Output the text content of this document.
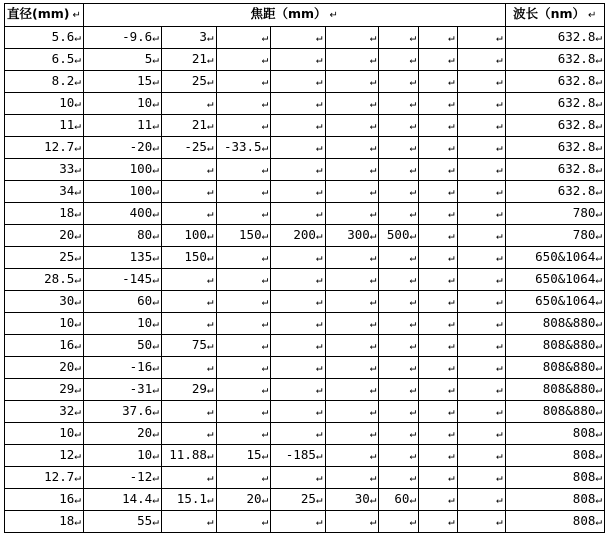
直径(mm) ↵	焦距（mm） ↵								波长（nm） ↵
5.6↵	-9.6↵	3↵	↵	↵	↵	↵	↵	↵	632.8↵
6.5↵	5↵	21↵	↵	↵	↵	↵	↵	↵	632.8↵
8.2↵	15↵	25↵	↵	↵	↵	↵	↵	↵	632.8↵
10↵	10↵	↵	↵	↵	↵	↵	↵	↵	632.8↵
11↵	11↵	21↵	↵	↵	↵	↵	↵	↵	632.8↵
12.7↵	-20↵	-25↵	-33.5↵	↵	↵	↵	↵	↵	632.8↵
33↵	100↵	↵	↵	↵	↵	↵	↵	↵	632.8↵
34↵	100↵	↵	↵	↵	↵	↵	↵	↵	632.8↵
18↵	400↵	↵	↵	↵	↵	↵	↵	↵	780↵
20↵	80↵	100↵	150↵	200↵	300↵	500↵	↵	↵	780↵
25↵	135↵	150↵	↵	↵	↵	↵	↵	↵	650&1064↵
28.5↵	-145↵	↵	↵	↵	↵	↵	↵	↵	650&1064↵
30↵	60↵	↵	↵	↵	↵	↵	↵	↵	650&1064↵
10↵	10↵	↵	↵	↵	↵	↵	↵	↵	808&880↵
16↵	50↵	75↵	↵	↵	↵	↵	↵	↵	808&880↵
20↵	-16↵	↵	↵	↵	↵	↵	↵	↵	808&880↵
29↵	-31↵	29↵	↵	↵	↵	↵	↵	↵	808&880↵
32↵	37.6↵	↵	↵	↵	↵	↵	↵	↵	808&880↵
10↵	20↵	↵	↵	↵	↵	↵	↵	↵	808↵
12↵	10↵	11.88↵	15↵	-185↵	↵	↵	↵	↵	808↵
12.7↵	-12↵	↵	↵	↵	↵	↵	↵	↵	808↵
16↵	14.4↵	15.1↵	20↵	25↵	30↵	60↵	↵	↵	808↵
18↵	55↵	↵	↵	↵	↵	↵	↵	↵	808↵
